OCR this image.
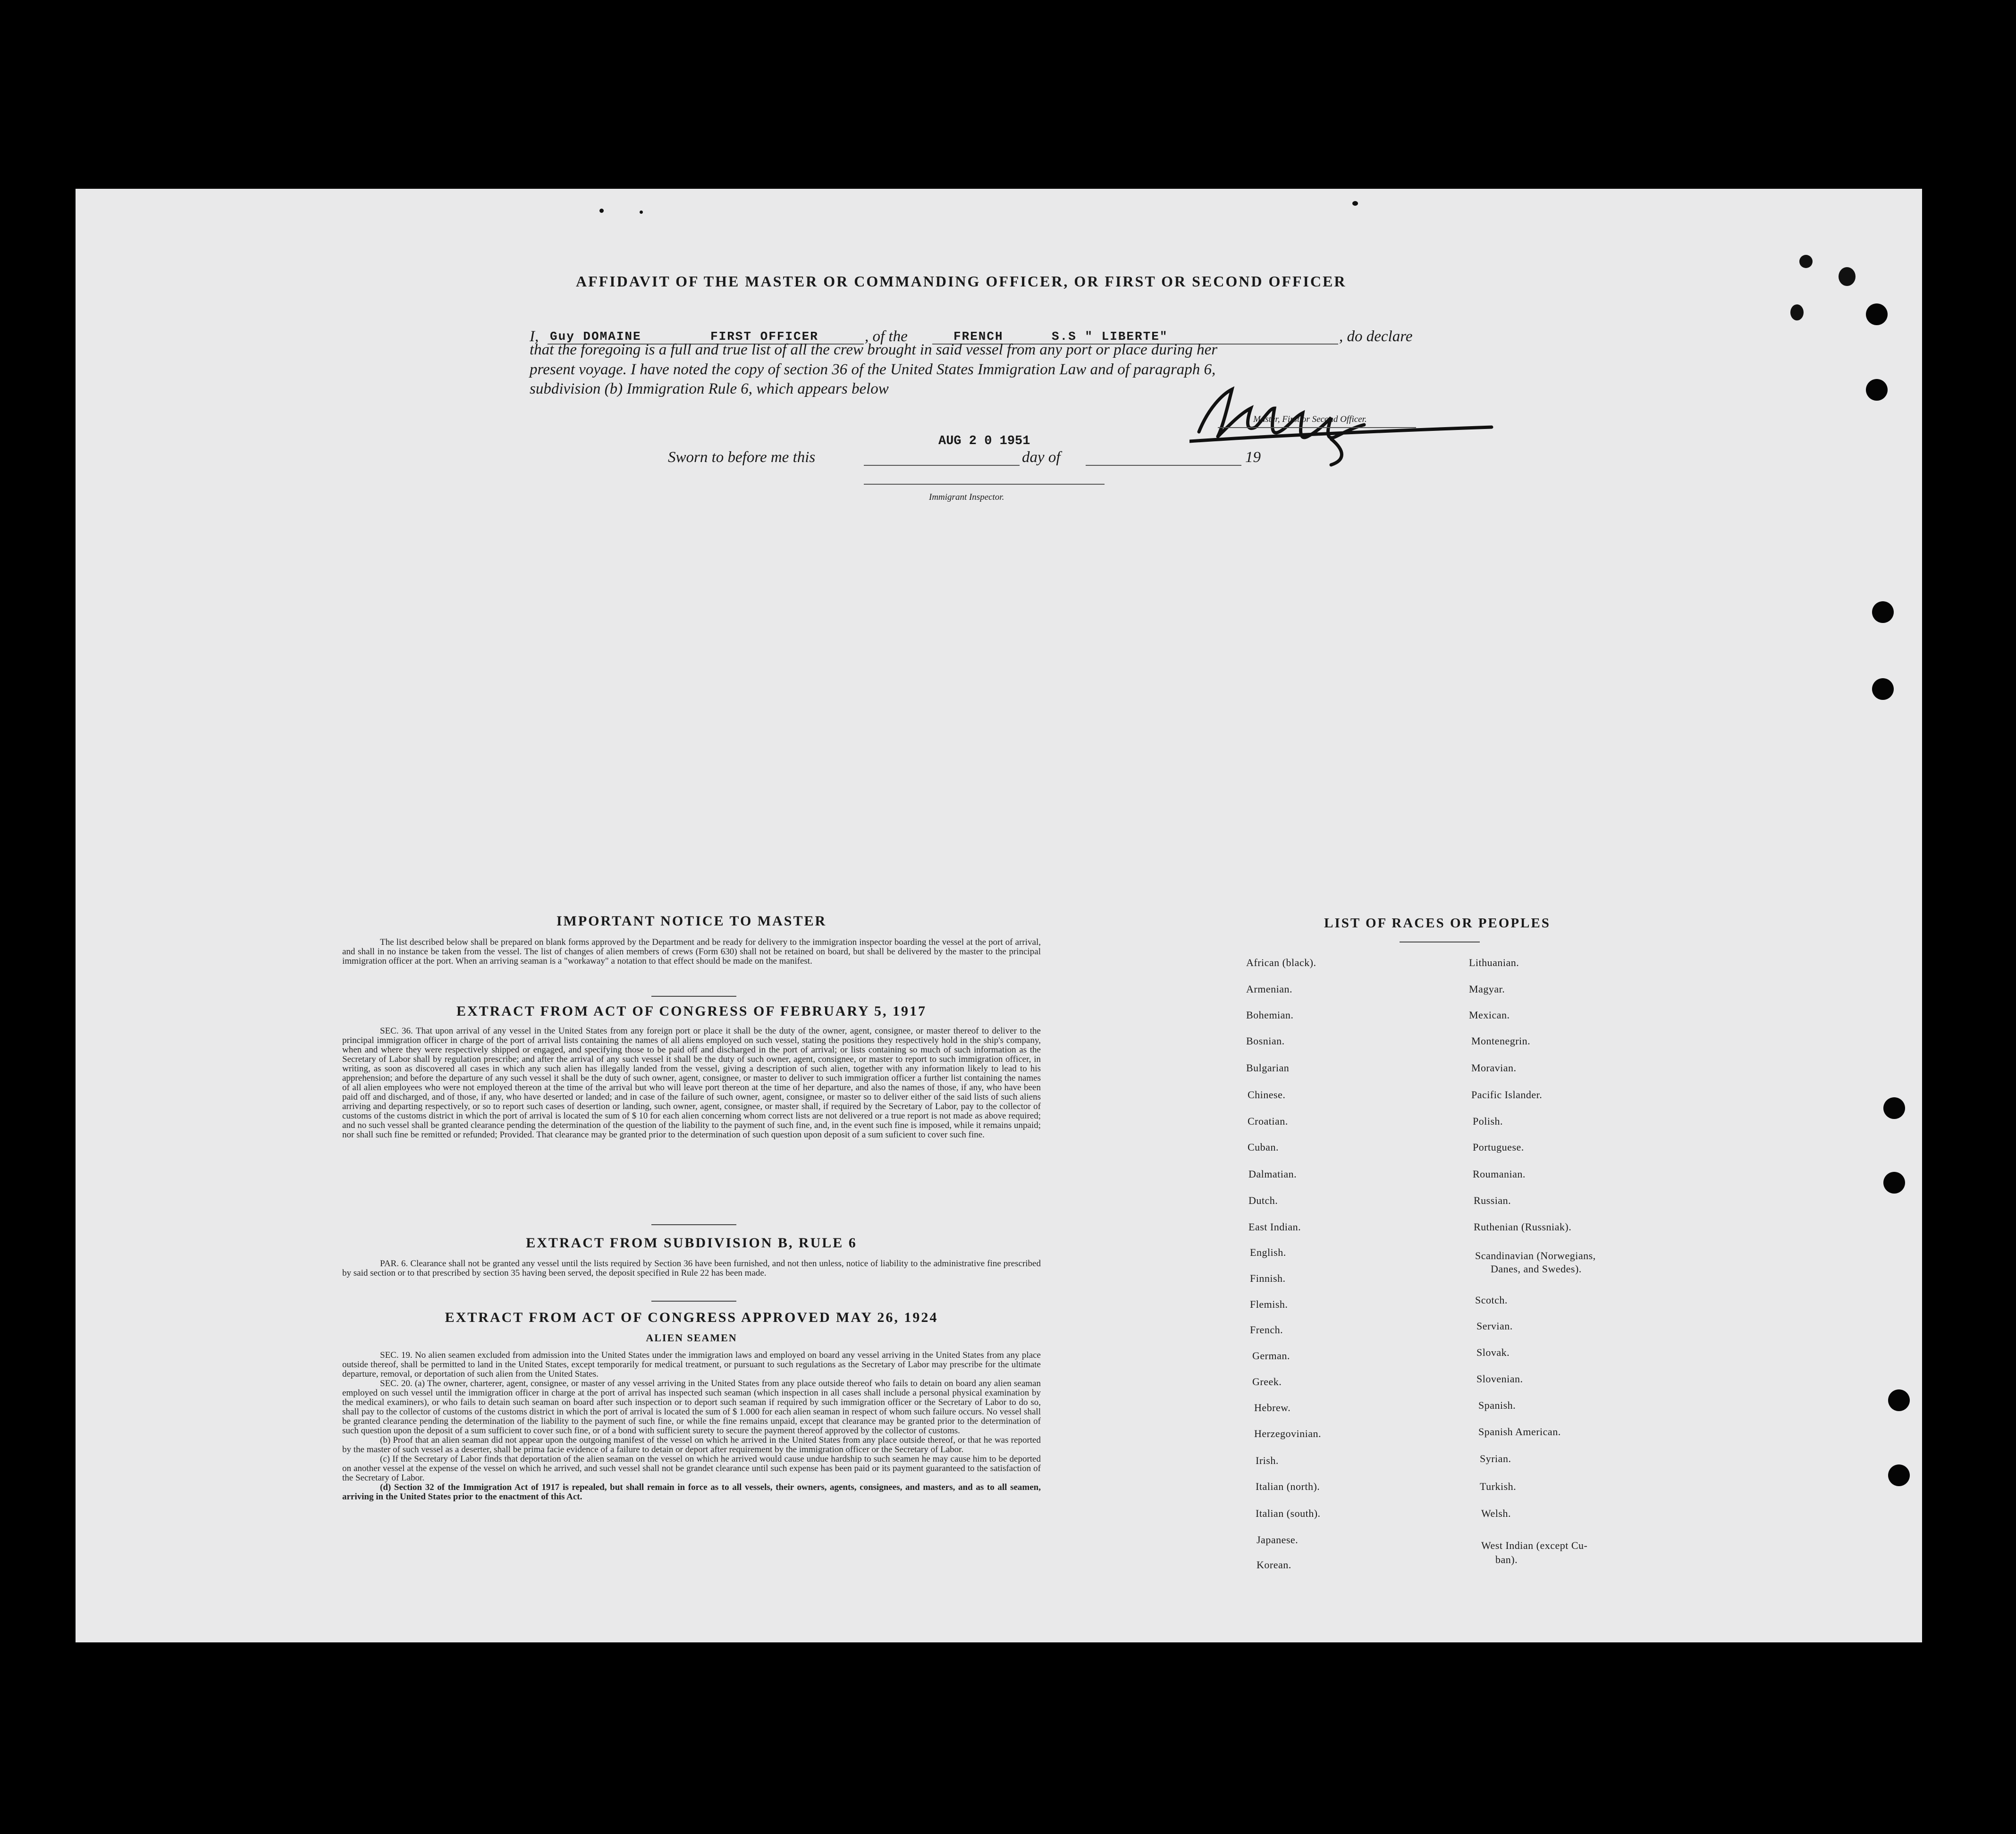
AFFIDAVIT OF THE MASTER OR COMMANDING OFFICER, OR FIRST OR SECOND OFFICER
I, Guy DOMAINE	FIRST OFFICER	, of the	FRENCH	S.S " LIBERTE"	, do declare
that the foregoing is a full and true list of all the crew brought in said vessel from any port or place during her
present voyage. I have noted the copy of section 36 of the United States Immigration Law and of paragraph 6,
subdivision (b) Immigration Rule 6, which appears below
Master, First or Second Officer.
Sworn to before me this
AUG 2 0 1951
day of	19
Immigrant Inspector.
IMPORTANT NOTICE TO MASTER

The list described below shall be prepared on blank forms approved by the Department and be ready for delivery to the immigration inspector boarding the vessel at the port of arrival, and shall in no instance be taken from the vessel. The list of changes of alien members of crews (Form 630) shall not be retained on board, but shall be delivered by the master to the principal immigration officer at the port. When an arriving seaman is a "workaway" a notation to that effect should be made on the manifest.

EXTRACT FROM ACT OF CONGRESS OF FEBRUARY 5, 1917

SEC. 36. That upon arrival of any vessel in the United States from any foreign port or place it shall be the duty of the owner, agent, consignee, or master thereof to deliver to the principal immigration officer in charge of the port of arrival lists containing the names of all aliens employed on such vessel, stating the positions they respectively hold in the ship's company, when and where they were respectively shipped or engaged, and specifying those to be paid off and discharged in the port of arrival; or lists containing so much of such information as the Secretary of Labor shall by regulation prescribe; and after the arrival of any such vessel it shall be the duty of such owner, agent, consignee, or master to report to such immigration officer, in writing, as soon as discovered all cases in which any such alien has illegally landed from the vessel, giving a description of such alien, together with any information likely to lead to his apprehension; and before the departure of any such vessel it shall be the duty of such owner, agent, consignee, or master to deliver to such immigration officer a further list containing the names of all alien employees who were not employed thereon at the time of the arrival but who will leave port thereon at the time of her departure, and also the names of those, if any, who have been paid off and discharged, and of those, if any, who have deserted or landed; and in case of the failure of such owner, agent, consignee, or master so to deliver either of the said lists of such aliens arriving and departing respectively, or so to report such cases of desertion or landing, such owner, agent, consignee, or master shall, if required by the Secretary of Labor, pay to the collector of customs of the customs district in which the port of arrival is located the sum of $ 10 for each alien concerning whom correct lists are not delivered or a true report is not made as above required; and no such vessel shall be granted clearance pending the determination of the question of the liability to the payment of such fine, and, in the event such fine is imposed, while it remains unpaid; nor shall such fine be remitted or refunded; Provided. That clearance may be granted prior to the determination of such question upon deposit of a sum suficient to cover such fine.

EXTRACT FROM SUBDIVISION B, RULE 6

PAR. 6. Clearance shall not be granted any vessel until the lists required by Section 36 have been furnished, and not then unless, notice of liability to the administrative fine prescribed by said section or to that prescribed by section 35 having been served, the deposit specified in Rule 22 has been made.

EXTRACT FROM ACT OF CONGRESS APPROVED MAY 26, 1924
ALIEN SEAMEN

SEC. 19. No alien seamen excluded from admission into the United States under the immigration laws and employed on board any vessel arriving in the United States from any place outside thereof, shall be permitted to land in the United States, except temporarily for medical treatment, or pursuant to such regulations as the Secretary of Labor may prescribe for the ultimate departure, removal, or deportation of such alien from the United States.

SEC. 20. (a) The owner, charterer, agent, consignee, or master of any vessel arriving in the United States from any place outside thereof who fails to detain on board any alien seaman employed on such vessel until the immigration officer in charge at the port of arrival has inspected such seaman (which inspection in all cases shall include a personal physical examination by the medical examiners), or who fails to detain such seaman on board after such inspection or to deport such seaman if required by such immigration officer or the Secretary of Labor to do so, shall pay to the collector of customs of the customs district in which the port of arrival is located the sum of $ 1.000 for each alien seaman in respect of whom such failure occurs. No vessel shall be granted clearance pending the determination of the liability to the payment of such fine, or while the fine remains unpaid, except that clearance may be granted prior to the determination of such question upon the deposit of a sum sufficient to cover such fine, or of a bond with sufficient surety to secure the payment thereof approved by the collector of customs.

(b) Proof that an alien seaman did not appear upon the outgoing manifest of the vessel on which he arrived in the United States from any place outside thereof, or that he was reported by the master of such vessel as a deserter, shall be prima facie evidence of a failure to detain or deport after requirement by the immigration officer or the Secretary of Labor.

(c) If the Secretary of Labor finds that deportation of the alien seaman on the vessel on which he arrived would cause undue hardship to such seamen he may cause him to be deported on another vessel at the expense of the vessel on which he arrived, and such vessel shall not be grandet clearance until such expense has been paid or its payment guaranteed to the satisfaction of the Secretary of Labor.

(d) Section 32 of the Immigration Act of 1917 is repealed, but shall remain in force as to all vessels, their owners, agents, consignees, and masters, and as to all seamen, arriving in the United States prior to the enactment of this Act.

LIST OF RACES OR PEOPLES
African (black).
Armenian.
Bohemian.
Bosnian.
Bulgarian
Chinese.
Croatian.
Cuban.
Dalmatian.
Dutch.
East Indian.
English.
Finnish.
Flemish.
French.
German.
Greek.
Hebrew.
Herzegovinian.
Irish.
Italian (north).
Italian (south).
Japanese.
Korean.
Lithuanian.
Magyar.
Mexican.
Montenegrin.
Moravian.
Pacific Islander.
Polish.
Portuguese.
Roumanian.
Russian.
Ruthenian (Russniak).
Scandinavian (Norwegians,
Danes, and Swedes).
Scotch.
Servian.
Slovak.
Slovenian.
Spanish.
Spanish American.
Syrian.
Turkish.
Welsh.
West Indian (except Cu-
ban).
